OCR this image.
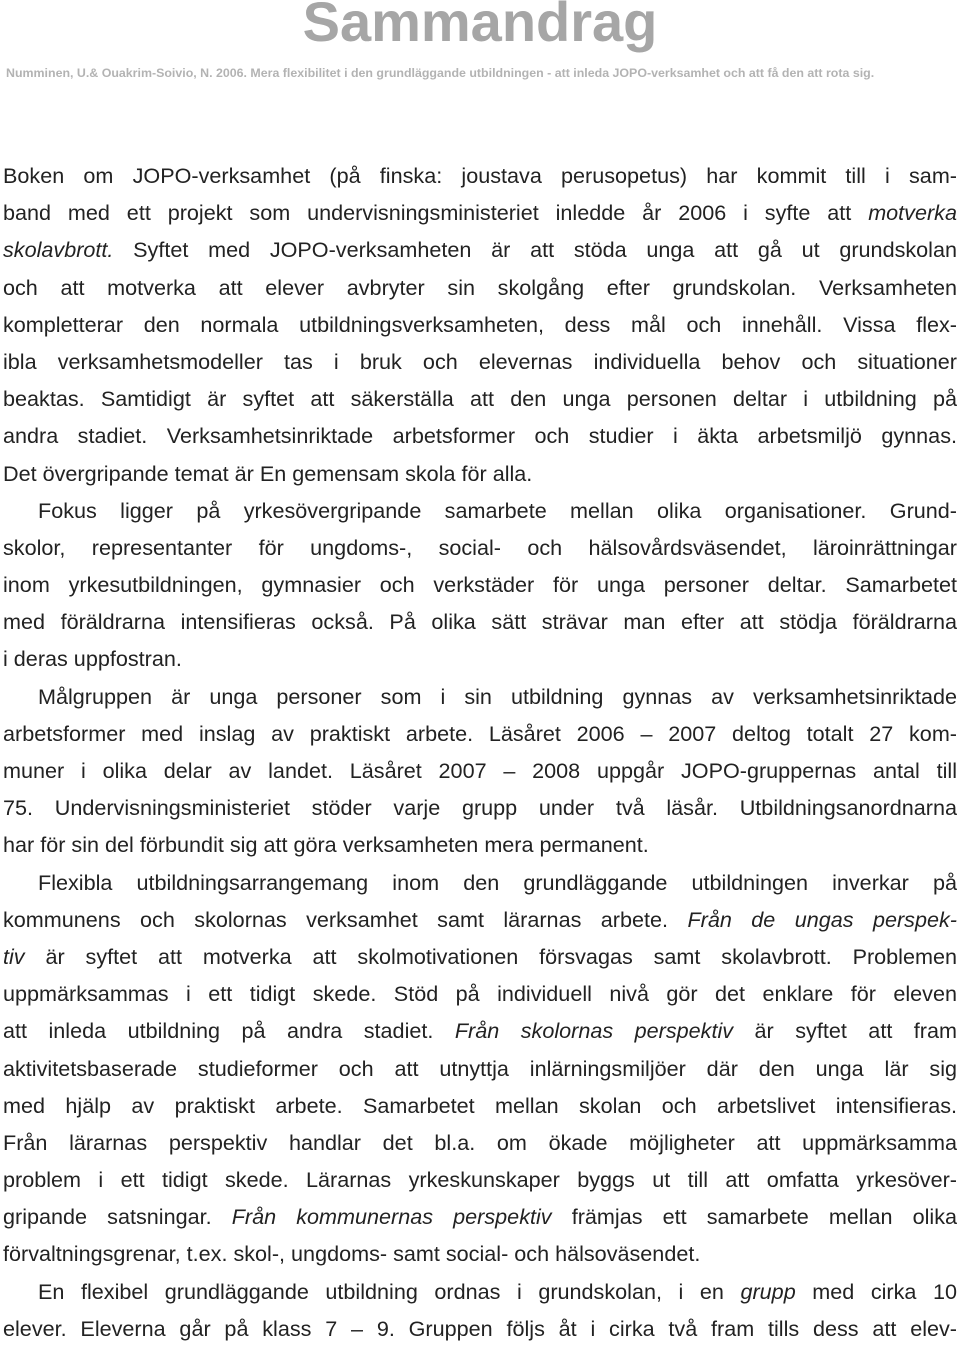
Sammandrag
Numminen, U.& Ouakrim-Soivio, N. 2006. Mera flexibilitet i den grundläggande utbildningen - att inleda JOPO-verksamhet och att få den att rota sig.
Boken om JOPO-verksamhet (på finska: joustava perusopetus) har kommit till i sam-
band med ett projekt som undervisningsministeriet inledde år 2006 i syfte att motverka
skolavbrott. Syftet med JOPO-verksamheten är att stöda unga att gå ut grundskolan
och att motverka att elever avbryter sin skolgång efter grundskolan. Verksamheten
kompletterar den normala utbildningsverksamheten, dess mål och innehåll. Vissa flex-
ibla verksamhetsmodeller tas i bruk och elevernas individuella behov och situationer
beaktas. Samtidigt är syftet att säkerställa att den unga personen deltar i utbildning på
andra stadiet. Verksamhetsinriktade arbetsformer och studier i äkta arbetsmiljö gynnas.
Det övergripande temat är En gemensam skola för alla.
Fokus ligger på yrkesövergripande samarbete mellan olika organisationer. Grund-
skolor, representanter för ungdoms-, social- och hälsovårdsväsendet, läroinrättningar
inom yrkesutbildningen, gymnasier och verkstäder för unga personer deltar. Samarbetet
med föräldrarna intensifieras också. På olika sätt strävar man efter att stödja föräldrarna
i deras uppfostran.
Målgruppen är unga personer som i sin utbildning gynnas av verksamhetsinriktade
arbetsformer med inslag av praktiskt arbete. Läsåret 2006 – 2007 deltog totalt 27 kom-
muner i olika delar av landet. Läsåret 2007 – 2008 uppgår JOPO-gruppernas antal till
75. Undervisningsministeriet stöder varje grupp under två läsår. Utbildningsanordnarna
har för sin del förbundit sig att göra verksamheten mera permanent.
Flexibla utbildningsarrangemang inom den grundläggande utbildningen inverkar på
kommunens och skolornas verksamhet samt lärarnas arbete. Från de ungas perspek-
tiv är syftet att motverka att skolmotivationen försvagas samt skolavbrott. Problemen
uppmärksammas i ett tidigt skede. Stöd på individuell nivå gör det enklare för eleven
att inleda utbildning på andra stadiet. Från skolornas perspektiv är syftet att fram
aktivitetsbaserade studieformer och att utnyttja inlärningsmiljöer där den unga lär sig
med hjälp av praktiskt arbete. Samarbetet mellan skolan och arbetslivet intensifieras.
Från lärarnas perspektiv handlar det bl.a. om ökade möjligheter att uppmärksamma
problem i ett tidigt skede. Lärarnas yrkeskunskaper byggs ut till att omfatta yrkesöver-
gripande satsningar. Från kommunernas perspektiv främjas ett samarbete mellan olika
förvaltningsgrenar, t.ex. skol-, ungdoms- samt social- och hälsoväsendet.
En flexibel grundläggande utbildning ordnas i grundskolan, i en grupp med cirka 10
elever. Eleverna går på klass 7 – 9. Gruppen följs åt i cirka två fram tills dess att elev-
